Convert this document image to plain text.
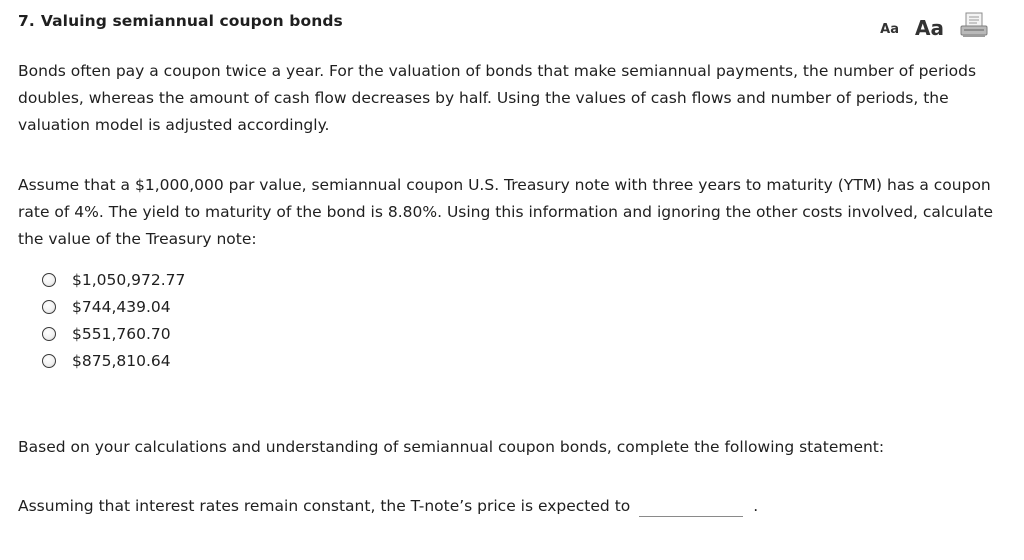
7. Valuing semiannual coupon bonds	Aa Aa

Bonds often pay a coupon twice a year. For the valuation of bonds that make semiannual payments, the number of periods doubles, whereas the amount of cash flow decreases by half. Using the values of cash flows and number of periods, the valuation model is adjusted accordingly.

Assume that a $1,000,000 par value, semiannual coupon U.S. Treasury note with three years to maturity (YTM) has a coupon rate of 4%. The yield to maturity of the bond is 8.80%. Using this information and ignoring the other costs involved, calculate the value of the Treasury note:

$1,050,972.77
$744,439.04
$551,760.70
$875,810.64

Based on your calculations and understanding of semiannual coupon bonds, complete the following statement:

Assuming that interest rates remain constant, the T-note’s price is expected to	.
